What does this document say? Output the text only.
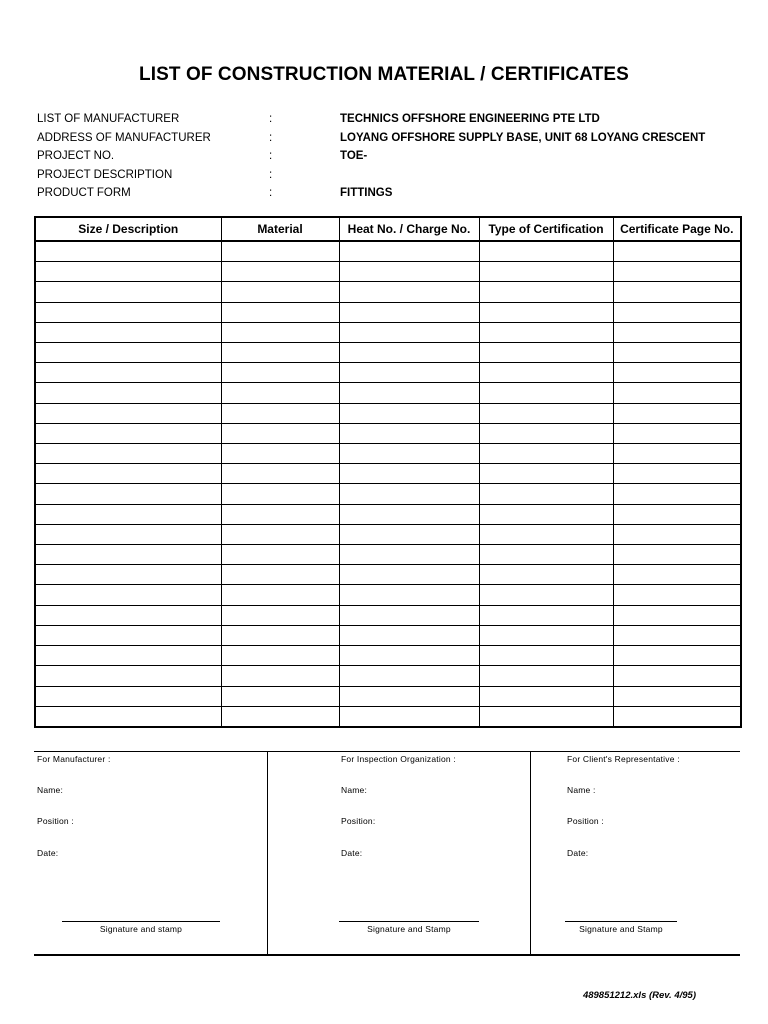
LIST OF CONSTRUCTION MATERIAL / CERTIFICATES
LIST OF MANUFACTURER	:	TECHNICS OFFSHORE ENGINEERING PTE LTD
ADDRESS OF MANUFACTURER	:	LOYANG OFFSHORE SUPPLY BASE, UNIT 68 LOYANG CRESCENT
PROJECT NO.	:	TOE-
PROJECT DESCRIPTION	:
PRODUCT FORM	:	FITTINGS
Size / Description	Material	Heat No. / Charge No.	Type of Certification	Certificate Page No.

For Manufacturer :
Name:
Position :
Date:
Signature and stamp
For Inspection Organization :
Name:
Position:
Date:
Signature and Stamp
For Client's Representative :
Name :
Position :
Date:
Signature and Stamp
489851212.xls (Rev. 4/95)
